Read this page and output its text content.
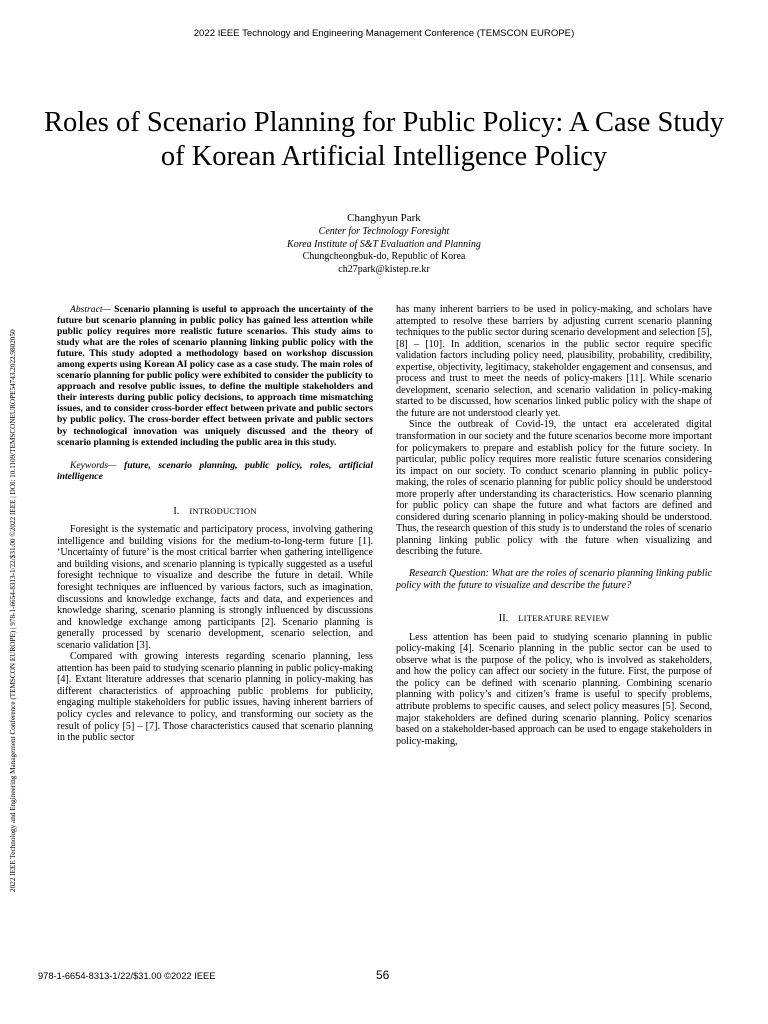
2022 IEEE Technology and Engineering Management Conference (TEMSCON EUROPE)
2022 IEEE Technology and Engineering Management Conference (TEMSCON EUROPE) | 978-1-6654-8313-1/22/$31.00 ©2022 IEEE | DOI: 10.1109/TEMSCONEUROPE54743.2022.9802050
Roles of Scenario Planning for Public Policy: A Case Study of Korean Artificial Intelligence Policy
Changhyun Park
Center for Technology Foresight
Korea Institute of S&T Evaluation and Planning
Chungcheongbuk-do, Republic of Korea
ch27park@kistep.re.kr

Abstract— Scenario planning is useful to approach the uncertainty of the future but scenario planning in public policy has gained less attention while public policy requires more realistic future scenarios. This study aims to study what are the roles of scenario planning linking public policy with the future. This study adopted a methodology based on workshop discussion among experts using Korean AI policy case as a case study. The main roles of scenario planning for public policy were exhibited to consider the publicity to approach and resolve public issues, to define the multiple stakeholders and their interests during public policy decisions, to approach time mismatching issues, and to consider cross-border effect between private and public sectors by public policy. The cross-border effect between private and public sectors by technological innovation was uniquely discussed and the theory of scenario planning is extended including the public area in this study.

Keywords— future, scenario planning, public policy, roles, artificial intelligence

I. INTRODUCTION

Foresight is the systematic and participatory process, involving gathering intelligence and building visions for the medium-to-long-term future [1]. ‘Uncertainty of future’ is the most critical barrier when gathering intelligence and building visions, and scenario planning is typically suggested as a useful foresight technique to visualize and describe the future in detail. While foresight techniques are influenced by various factors, such as imagination, discussions and knowledge exchange, facts and data, and experiences and knowledge sharing, scenario planning is strongly influenced by discussions and knowledge exchange among participants [2]. Scenario planning is generally processed by scenario development, scenario selection, and scenario validation [3].

Compared with growing interests regarding scenario planning, less attention has been paid to studying scenario planning in public policy-making [4]. Extant literature addresses that scenario planning in policy-making has different characteristics of approaching public problems for publicity, engaging multiple stakeholders for public issues, having inherent barriers of policy cycles and relevance to policy, and transforming our society as the result of policy [5] – [7]. Those characteristics caused that scenario planning in the public sector

has many inherent barriers to be used in policy-making, and scholars have attempted to resolve these barriers by adjusting current scenario planning techniques to the public sector during scenario development and selection [5], [8] – [10]. In addition, scenarios in the public sector require specific validation factors including policy need, plausibility, probability, credibility, expertise, objectivity, legitimacy, stakeholder engagement and consensus, and process and trust to meet the needs of policy-makers [11]. While scenario development, scenario selection, and scenario validation in policy-making started to be discussed, how scenarios linked public policy with the shape of the future are not understood clearly yet.

Since the outbreak of Covid-19, the untact era accelerated digital transformation in our society and the future scenarios become more important for policymakers to prepare and establish policy for the future society. In particular, public policy requires more realistic future scenarios considering its impact on our society. To conduct scenario planning in public policy-making, the roles of scenario planning for public policy should be understood more properly after understanding its characteristics. How scenario planning for public policy can shape the future and what factors are defined and considered during scenario planning in policy-making should be understood. Thus, the research question of this study is to understand the roles of scenario planning linking public policy with the future when visualizing and describing the future.

Research Question: What are the roles of scenario planning linking public policy with the future to visualize and describe the future?

II. LITERATURE REVIEW

Less attention has been paid to studying scenario planning in public policy-making [4]. Scenario planning in the public sector can be used to observe what is the purpose of the policy, who is involved as stakeholders, and how the policy can affect our society in the future. First, the purpose of the policy can be defined with scenario planning. Combining scenario planning with policy’s and citizen’s frame is useful to specify problems, attribute problems to specific causes, and select policy measures [5]. Second, major stakeholders are defined during scenario planning. Policy scenarios based on a stakeholder-based approach can be used to engage stakeholders in policy-making,

978-1-6654-8313-1/22/$31.00 ©2022 IEEE	56
